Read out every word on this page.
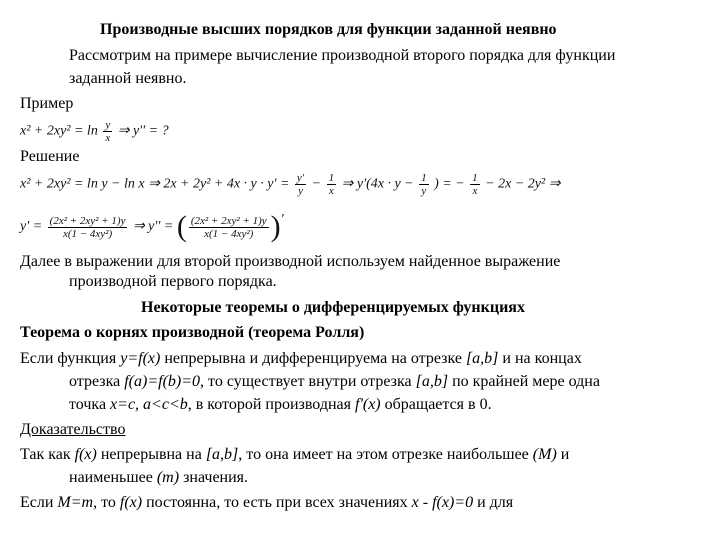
Производные высших порядков для функции заданной неявно
Рассмотрим на примере вычисление производной второго порядка для функции
заданной неявно.
Пример
$x^2 + 2xy^2 = \ln \frac{y}{x}$ ⇒ y'' = ?
Решение
x² + 2xy² = ln y − ln x ⇒ $2x + 2y^2 + 4x \cdot y \cdot y' = \frac{y'}{y} - \frac{1}{x}$ ⇒ $y'(4x \cdot y - \frac{1}{y}$ ) = − $\frac{1}{x} - 2x - 2y^2$ ⇒
$y' = \frac{\text{(2x² + 2xy² + 1)y}}{\text{x(1 − 4xy²)}}$ ⇒ y'' = ( $\frac{\text{(2x² + 2xy² + 1)y}}{\text{x(1 − 4xy²)}}$ )'
Далее в выражении для второй производной используем найденное выражение
производной первого порядка.
Некоторые теоремы о дифференцируемых функциях
Теорема о корнях производной (теорема Ролля)
Если функция y=f(x) непрерывна и дифференцируема на отрезке [a,b] и на концах
отрезка f(a)=f(b)=0, то существует внутри отрезка [a,b] по крайней мере одна
точка x=c, a<c<b, в которой производная f'(x) обращается в 0.
Доказательство
Так как f(x) непрерывна на [a,b], то она имеет на этом отрезке наибольшее (M) и
наименьшее (m) значения.
Если M=m, то f(x) постоянна, то есть при всех значениях x - f(x)=0 и для
